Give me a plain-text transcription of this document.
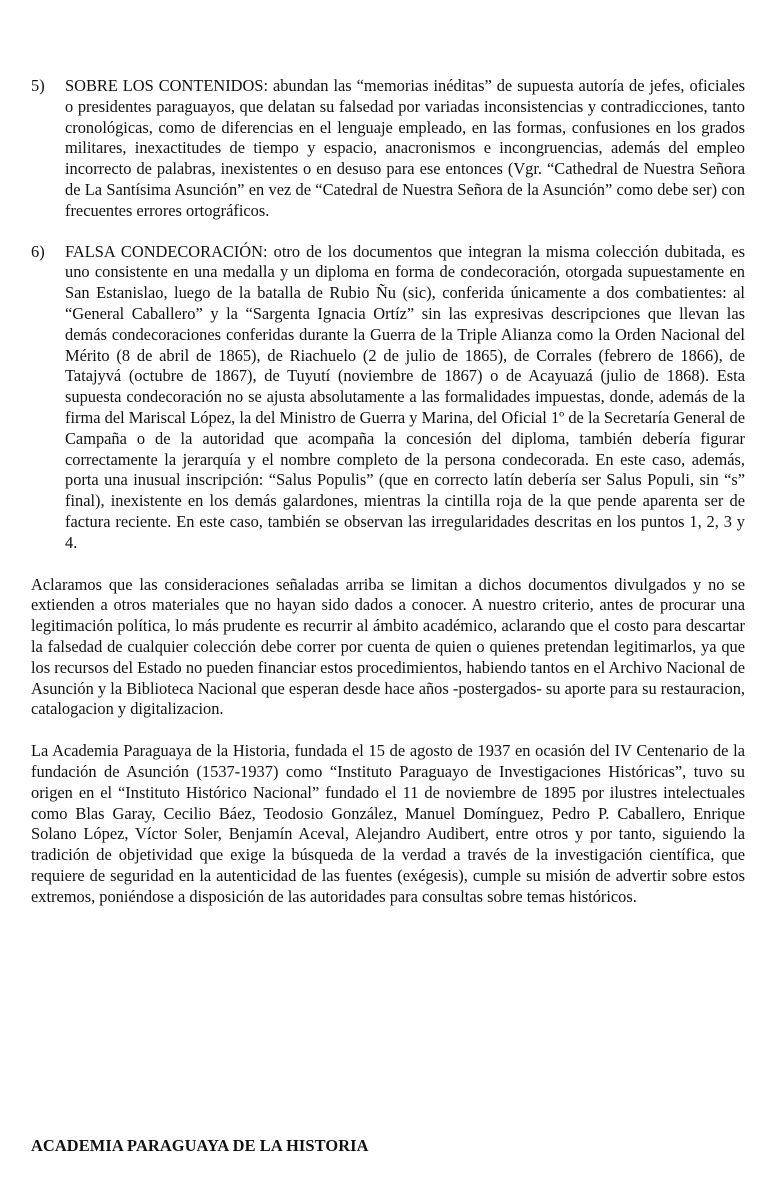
5)	SOBRE LOS CONTENIDOS: abundan las “memorias inéditas” de supuesta autoría de jefes, oficiales o presidentes paraguayos, que delatan su falsedad por variadas inconsistencias y contradicciones, tanto cronológicas, como de diferencias en el lenguaje empleado, en las formas, confusiones en los grados militares, inexactitudes de tiempo y espacio, anacronismos e incongruencias, además del empleo incorrecto de palabras, inexistentes o en desuso para ese entonces (Vgr. “Cathedral de Nuestra Señora de La Santísima Asunción” en vez de “Catedral de Nuestra Señora de la Asunción” como debe ser) con frecuentes errores ortográficos.
6)	FALSA CONDECORACIÓN: otro de los documentos que integran la misma colección dubitada, es uno consistente en una medalla y un diploma en forma de condecoración, otorgada supuestamente en San Estanislao, luego de la batalla de Rubio Ñu (sic), conferida únicamente a dos combatientes: al “General Caballero” y la “Sargenta Ignacia Ortíz” sin las expresivas descripciones que llevan las demás condecoraciones conferidas durante la Guerra de la Triple Alianza como la Orden Nacional del Mérito (8 de abril de 1865), de Riachuelo (2 de julio de 1865), de Corrales (febrero de 1866), de Tatajyvá (octubre de 1867), de Tuyutí (noviembre de 1867) o de Acayuazá (julio de 1868). Esta supuesta condecoración no se ajusta absolutamente a las formalidades impuestas, donde, además de la firma del Mariscal López, la del Ministro de Guerra y Marina, del Oficial 1º de la Secretaría General de Campaña o de la autoridad que acompaña la concesión del diploma, también debería figurar correctamente la jerarquía y el nombre completo de la persona condecorada. En este caso, además, porta una inusual inscripción: “Salus Populis” (que en correcto latín debería ser Salus Populi, sin “s” final), inexistente en los demás galardones, mientras la cintilla roja de la que pende aparenta ser de factura reciente. En este caso, también se observan las irregularidades descritas en los puntos 1, 2, 3 y 4.

Aclaramos que las consideraciones señaladas arriba se limitan a dichos documentos divulgados y no se extienden a otros materiales que no hayan sido dados a conocer. A nuestro criterio, antes de procurar una legitimación política, lo más prudente es recurrir al ámbito académico, aclarando que el costo para descartar la falsedad de cualquier colección debe correr por cuenta de quien o quienes pretendan legitimarlos, ya que los recursos del Estado no pueden financiar estos procedimientos, habiendo tantos en el Archivo Nacional de Asunción y la Biblioteca Nacional que esperan desde hace años -postergados- su aporte para su restauracion, catalogacion y digitalizacion.

La Academia Paraguaya de la Historia, fundada el 15 de agosto de 1937 en ocasión del IV Centenario de la fundación de Asunción (1537-1937) como “Instituto Paraguayo de Investigaciones Históricas”, tuvo su origen en el “Instituto Histórico Nacional” fundado el 11 de noviembre de 1895 por ilustres intelectuales como Blas Garay, Cecilio Báez, Teodosio González, Manuel Domínguez, Pedro P. Caballero, Enrique Solano López, Víctor Soler, Benjamín Aceval, Alejandro Audibert, entre otros y por tanto, siguiendo la tradición de objetividad que exige la búsqueda de la verdad a través de la investigación científica, que requiere de seguridad en la autenticidad de las fuentes (exégesis), cumple su misión de advertir sobre estos extremos, poniéndose a disposición de las autoridades para consultas sobre temas históricos.

ACADEMIA PARAGUAYA DE LA HISTORIA
